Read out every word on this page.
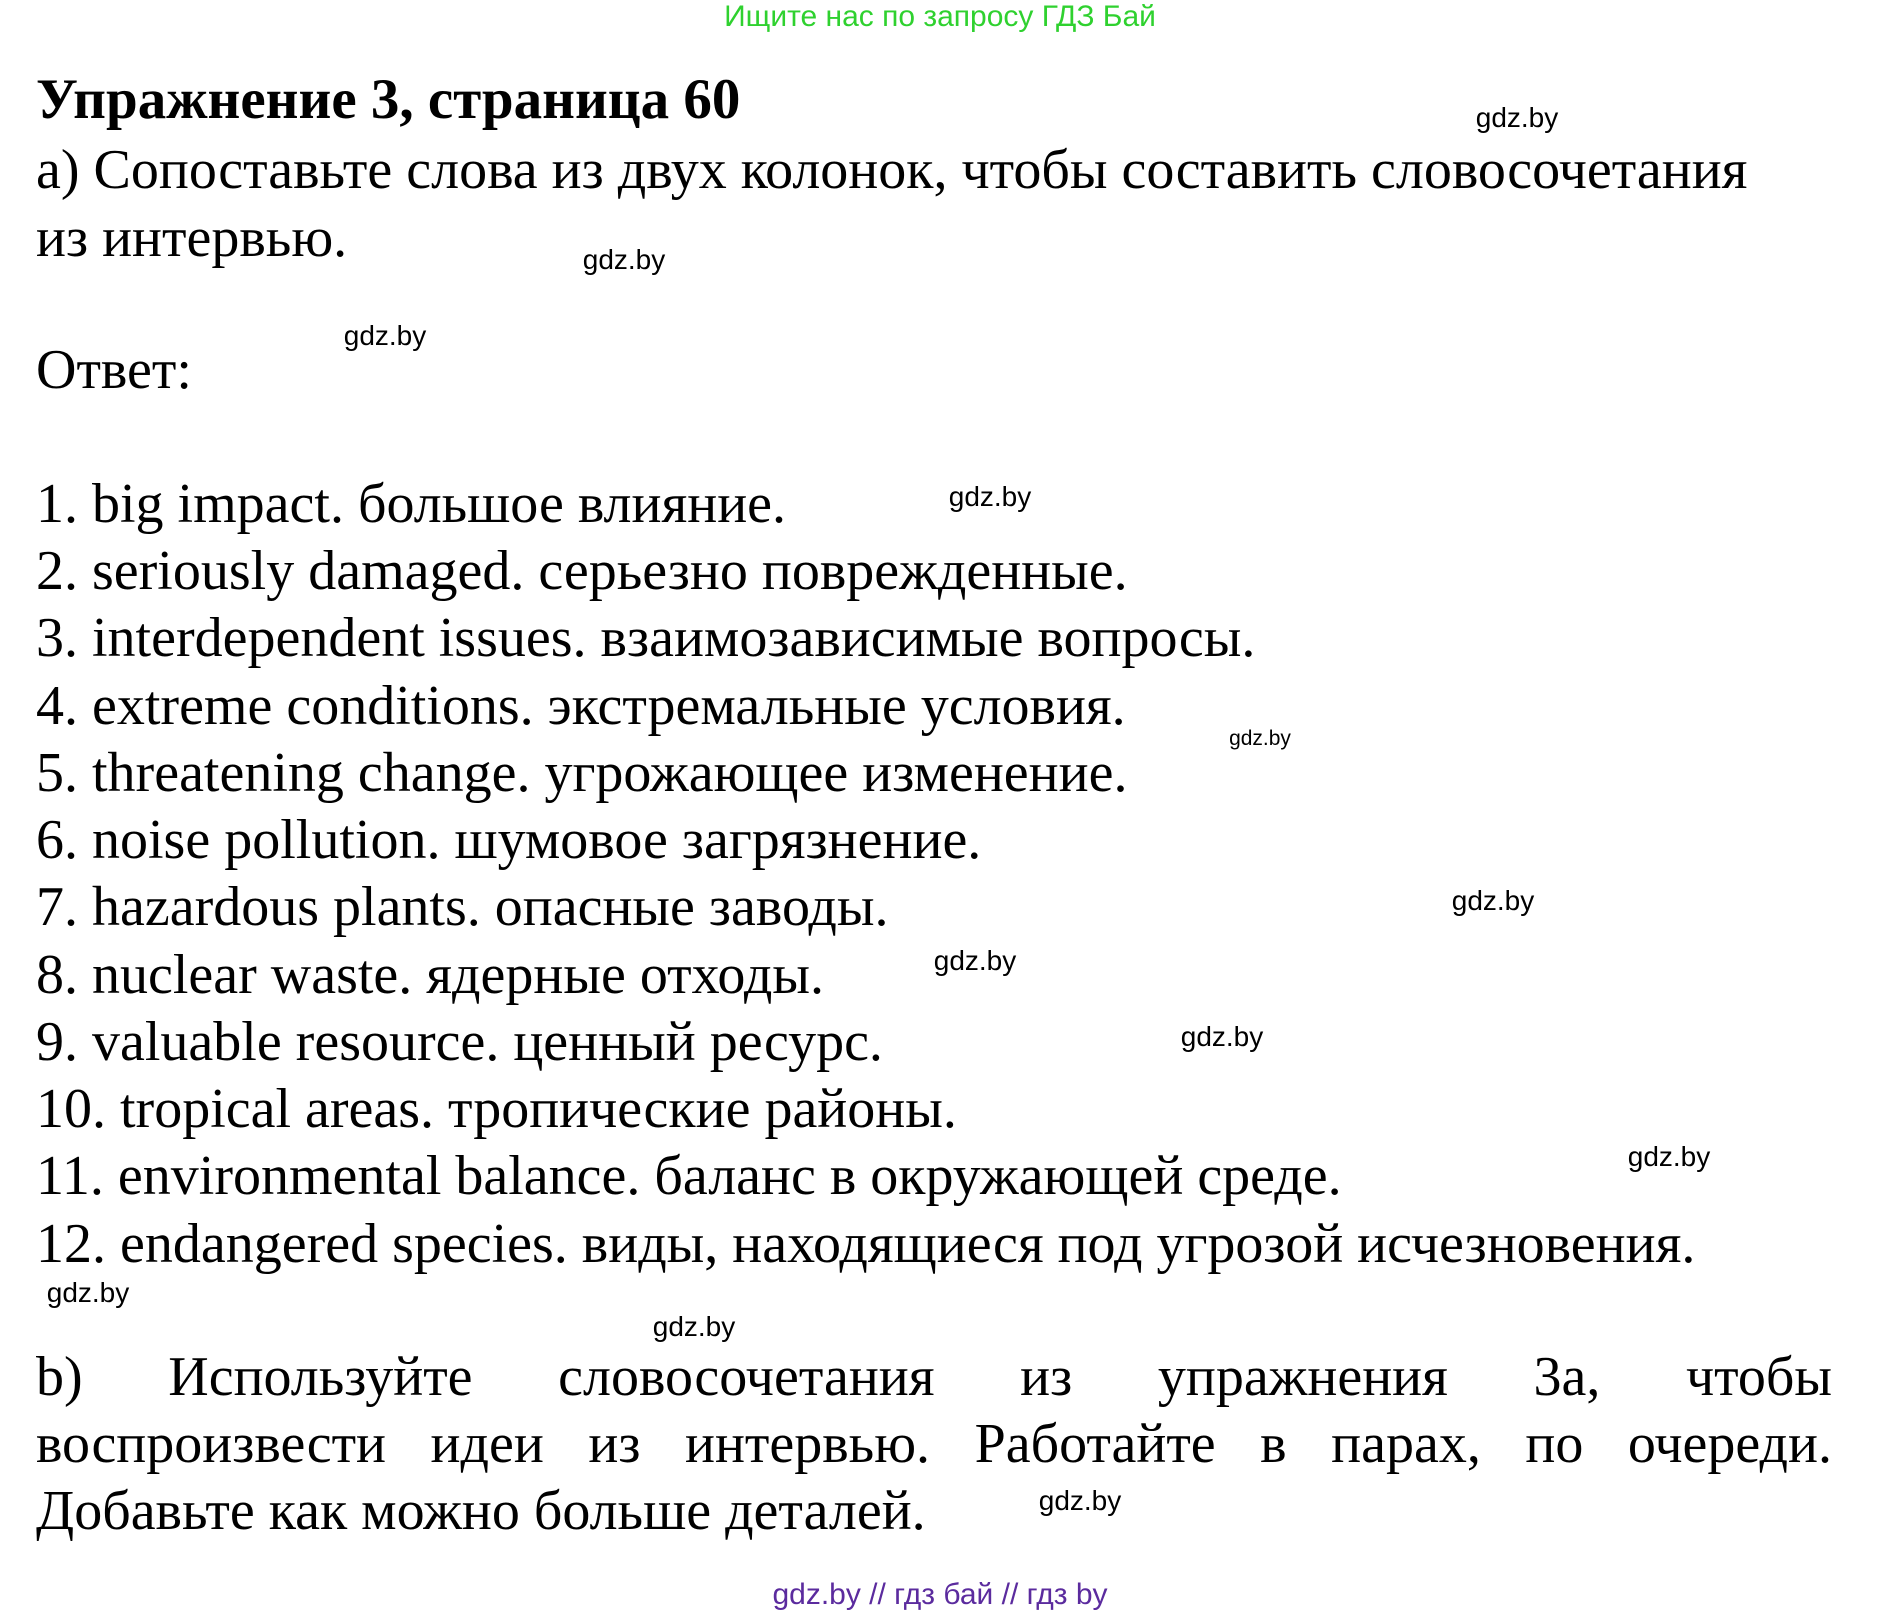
Ищите нас по запросу ГДЗ Бай
Упражнение 3, страница 60
а) Сопоставьте слова из двух колонок, чтобы составить словосочетания
из интервью.
Ответ:
1. big impact. большое влияние.
2. seriously damaged. серьезно поврежденные.
3. interdependent issues. взаимозависимые вопросы.
4. extreme conditions. экстремальные условия.
5. threatening change. угрожающее изменение.
6. noise pollution. шумовое загрязнение.
7. hazardous plants. опасные заводы.
8. nuclear waste. ядерные отходы.
9. valuable resource. ценный ресурс.
10. tropical areas. тропические районы.
11. environmental balance. баланс в окружающей среде.
12. endangered species. виды, находящиеся под угрозой исчезновения.
b) Используйте словосочетания из упражнения 3а, чтобы
воспроизвести идеи из интервью. Работайте в парах, по очереди.
Добавьте как можно больше деталей.
gdz.by
gdz.by
gdz.by
gdz.by
gdz.by
gdz.by
gdz.by
gdz.by
gdz.by
gdz.by
gdz.by
gdz.by
gdz.by // гдз бай // гдз by
